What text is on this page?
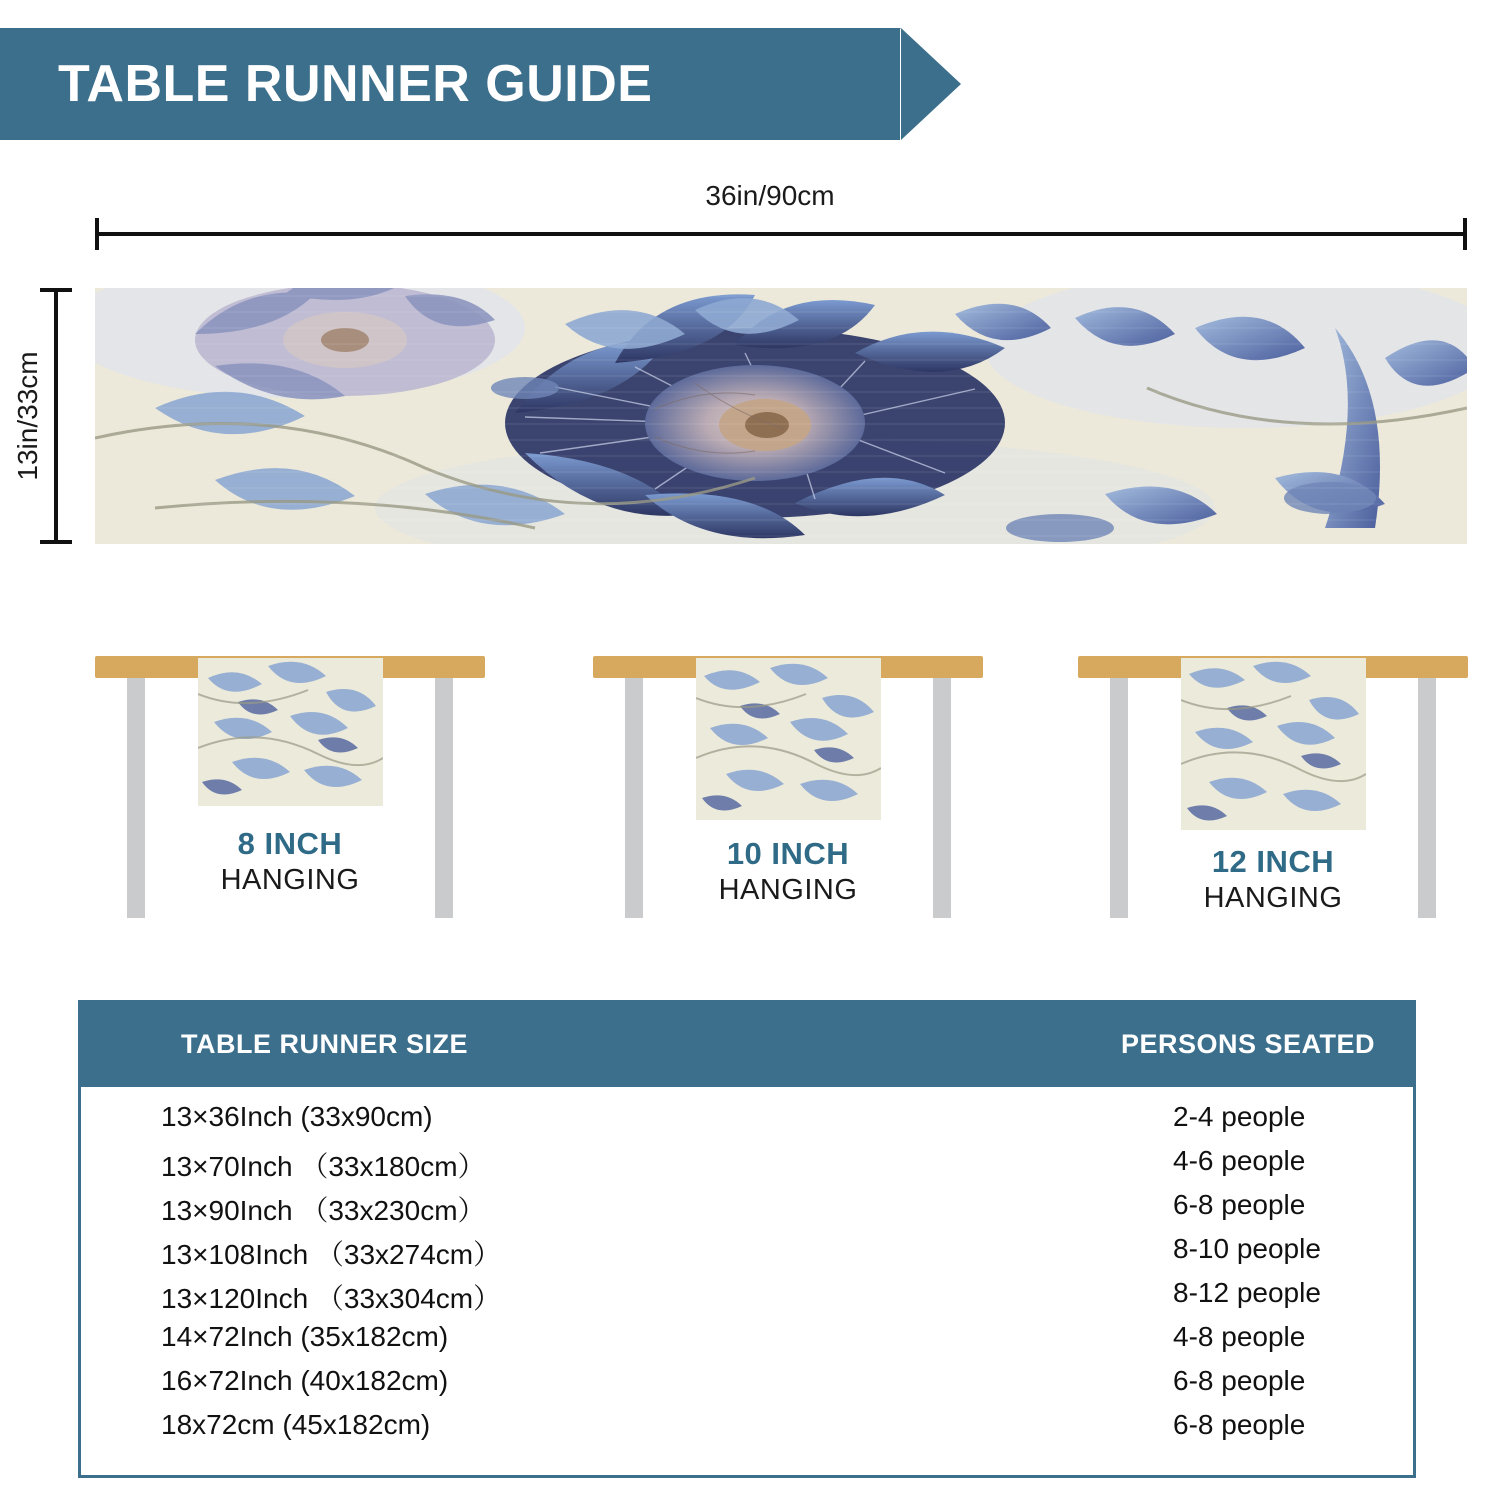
TABLE RUNNER GUIDE
36in/90cm
13in/33cm
8 INCH
HANGING
10 INCH
HANGING
12 INCH
HANGING
TABLE RUNNER SIZE	PERSONS SEATED
13×36Inch (33x90cm)	2-4 people
13×70Inch （33x180cm）	4-6 people
13×90Inch （33x230cm）	6-8 people
13×108Inch （33x274cm）	8-10 people
13×120Inch （33x304cm）	8-12 people
14×72Inch (35x182cm)	4-8 people
16×72Inch (40x182cm)	6-8 people
18x72cm (45x182cm)	6-8 people
